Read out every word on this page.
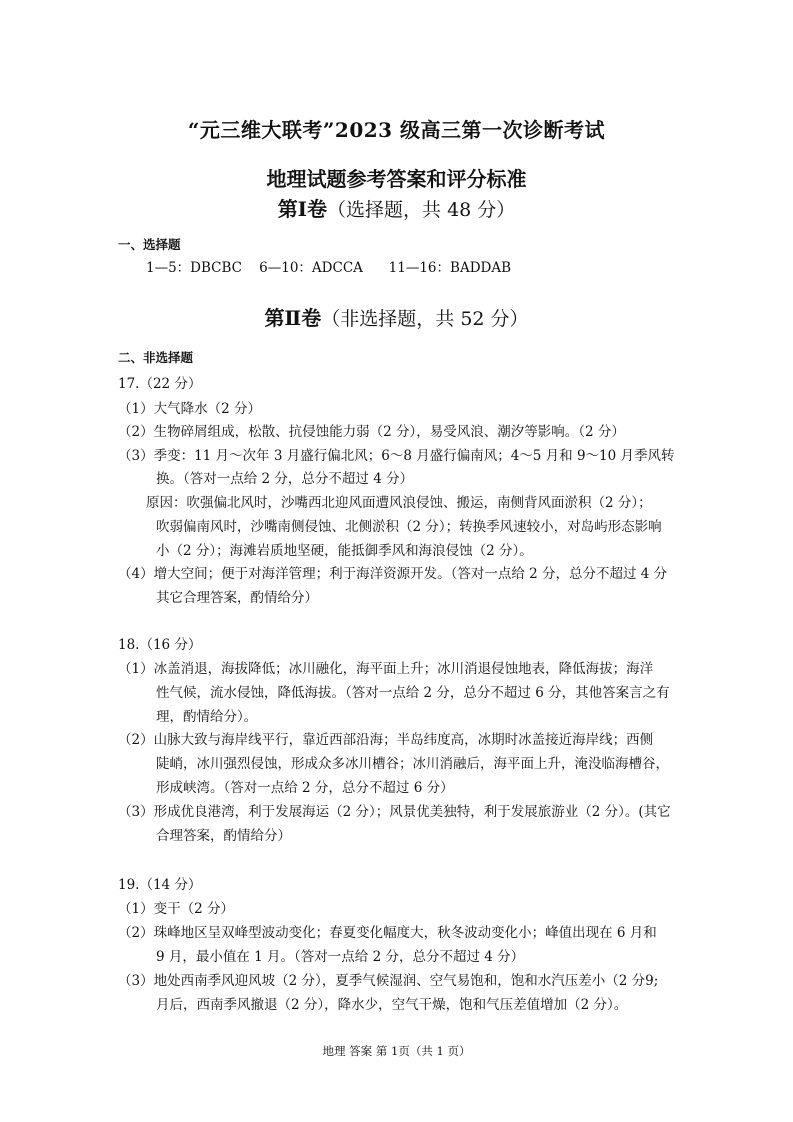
“元三维大联考”2023 级高三第一次诊断考试
地理试题参考答案和评分标准
第Ⅰ卷（选择题，共 48 分）
一、选择题
1—5：DBCBC    6—10：ADCCA      11—16：BADDAB
第Ⅱ卷（非选择题，共 52 分）
二、非选择题
17.（22 分）
（1）大气降水（2 分）
（2）生物碎屑组成，松散、抗侵蚀能力弱（2 分），易受风浪、潮汐等影响。（2 分）
（3）季变：11 月～次年 3 月盛行偏北风；6～8 月盛行偏南风；4～5 月和 9～10 月季风转
换。（答对一点给 2 分，总分不超过 4 分）
原因：吹强偏北风时，沙嘴西北迎风面遭风浪侵蚀、搬运，南侧背风面淤积（2 分）；
吹弱偏南风时，沙嘴南侧侵蚀、北侧淤积（2 分）；转换季风速较小，对岛屿形态影响
小（2 分）；海滩岩质地坚硬，能抵御季风和海浪侵蚀（2 分）。
（4）增大空间；便于对海洋管理；利于海洋资源开发。（答对一点给 2 分，总分不超过 4 分
其它合理答案，酌情给分）
18.（16 分）
（1）冰盖消退，海拔降低；冰川融化，海平面上升；冰川消退侵蚀地表，降低海拔；海洋
性气候，流水侵蚀，降低海拔。（答对一点给 2 分，总分不超过 6 分，其他答案言之有
理，酌情给分）。
（2）山脉大致与海岸线平行，靠近西部沿海；半岛纬度高，冰期时冰盖接近海岸线；西侧
陡峭，冰川强烈侵蚀，形成众多冰川槽谷；冰川消融后，海平面上升，淹没临海槽谷，
形成峡湾。（答对一点给 2 分，总分不超过 6 分）
（3）形成优良港湾，利于发展海运（2 分）；风景优美独特，利于发展旅游业（2 分）。(其它
合理答案，酌情给分）
19.（14 分）
（1）变干（2 分）
（2）珠峰地区呈双峰型波动变化；春夏变化幅度大，秋冬波动变化小；峰值出现在 6 月和
9 月，最小值在 1 月。（答对一点给 2 分，总分不超过 4 分）
（3）地处西南季风迎风坡（2 分），夏季气候湿润、空气易饱和，饱和水汽压差小（2 分9;
月后，西南季风撤退（2 分），降水少，空气干燥，饱和气压差值增加（2 分）。
地理 答案 第 1页（共 1 页）
